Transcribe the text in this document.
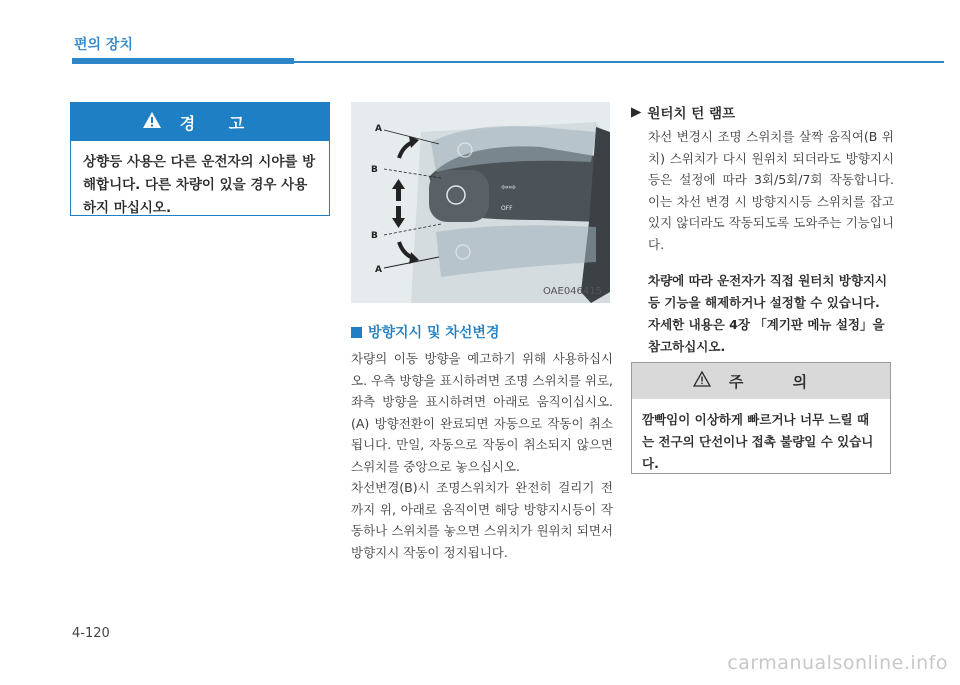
편의 장치
경 고
상향등 사용은 다른 운전자의 시야를 방해합니다. 다른 차량이 있을 경우 사용하지 마십시오.
⇦⇨
OFF
A
B
B
A
OAE046415
방향지시 및 차선변경

차량의 이동 방향을 예고하기 위해 사용하십시오. 우측 방향을 표시하려면 조명 스위치를 위로, 좌측 방향을 표시하려면 아래로 움직이십시오.(A) 방향전환이 완료되면 자동으로 작동이 취소됩니다. 만일, 자동으로 작동이 취소되지 않으면 스위치를 중앙으로 놓으십시오.

차선변경(B)시 조명스위치가 완전히 걸리기 전까지 위, 아래로 움직이면 해당 방향지시등이 작동하나 스위치를 놓으면 스위치가 원위치 되면서 방향지시 작동이 정지됩니다.

▶ 원터치 턴 램프
차선 변경시 조명 스위치를 살짝 움직여(B 위치) 스위치가 다시 원위치 되더라도 방향지시등은 설정에 따라 3회/5회/7회 작동합니다. 이는 차선 변경 시 방향지시등 스위치를 잡고 있지 않더라도 작동되도록 도와주는 기능입니다.
차량에 따라 운전자가 직접 원터치 방향지시등 기능을 해제하거나 설정할 수 있습니다. 자세한 내용은 4장 「계기판 메뉴 설정」을 참고하십시오.
주 의
깜빡임이 이상하게 빠르거나 너무 느릴 때는 전구의 단선이나 접촉 불량일 수 있습니다.
4-120
carmanualsonline.info
